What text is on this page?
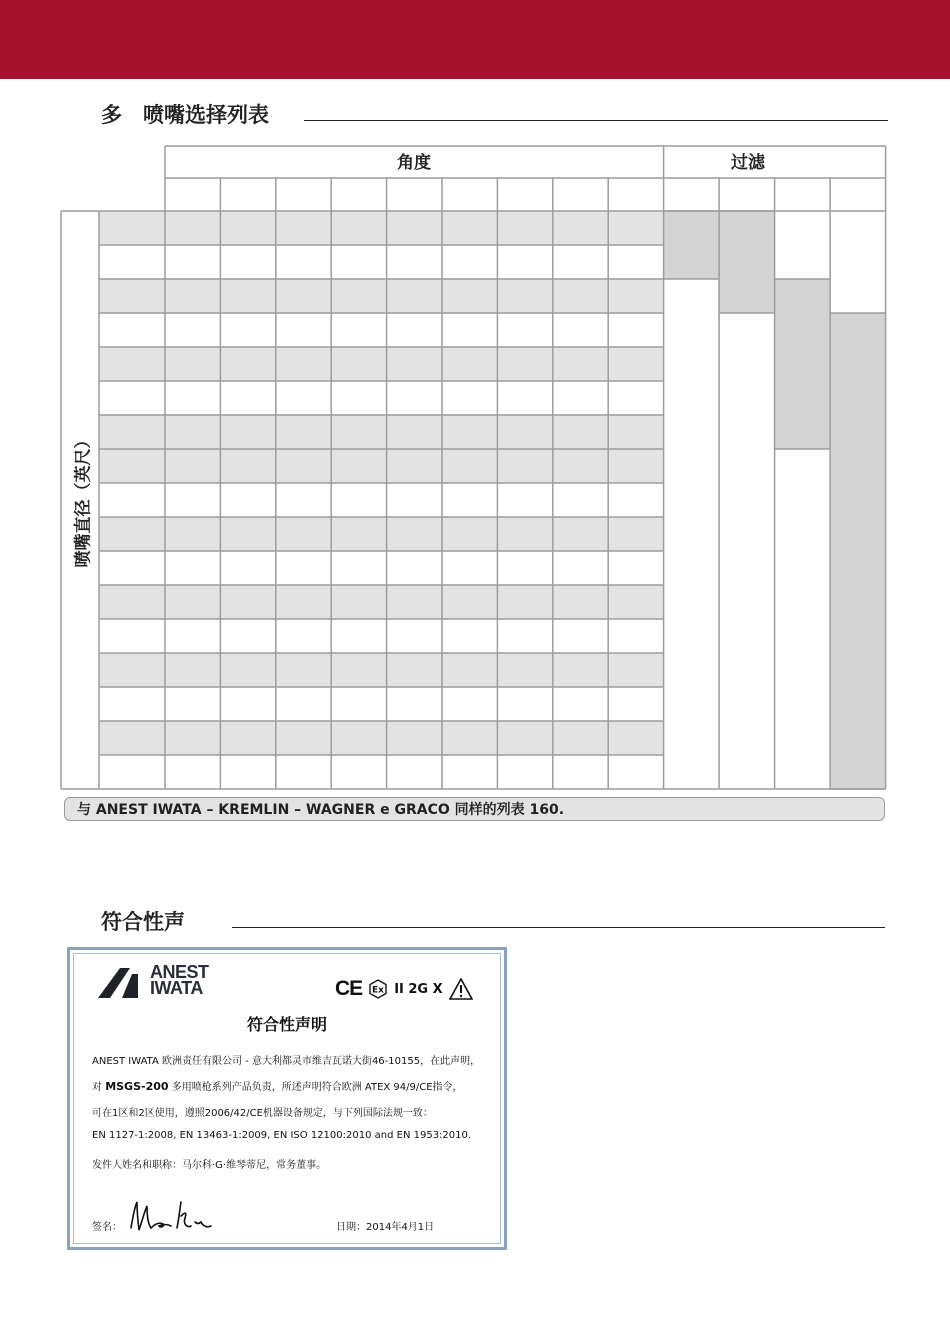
多　喷嘴选择列表
角度	过滤
喷嘴直径（英尺）
与 ANEST IWATA – KREMLIN – WAGNER e GRACO 同样的列表 160.
符合性声
ANEST
IWATA	CE Ex II 2G X
符合性声明
ANEST IWATA 欧洲责任有限公司 - 意大利都灵市维吉瓦诺大街46-10155，在此声明，
对 MSGS-200 多用喷枪系列产品负责，所述声明符合欧洲 ATEX 94/9/CE指令，
可在1区和2区使用，遵照2006/42/CE机器设备规定，与下列国际法规一致：
EN 1127-1:2008, EN 13463-1:2009, EN ISO 12100:2010 and EN 1953:2010.
发件人姓名和职称：马尔科·G·维琴蒂尼，常务董事。
签名：	日期：2014年4月1日
